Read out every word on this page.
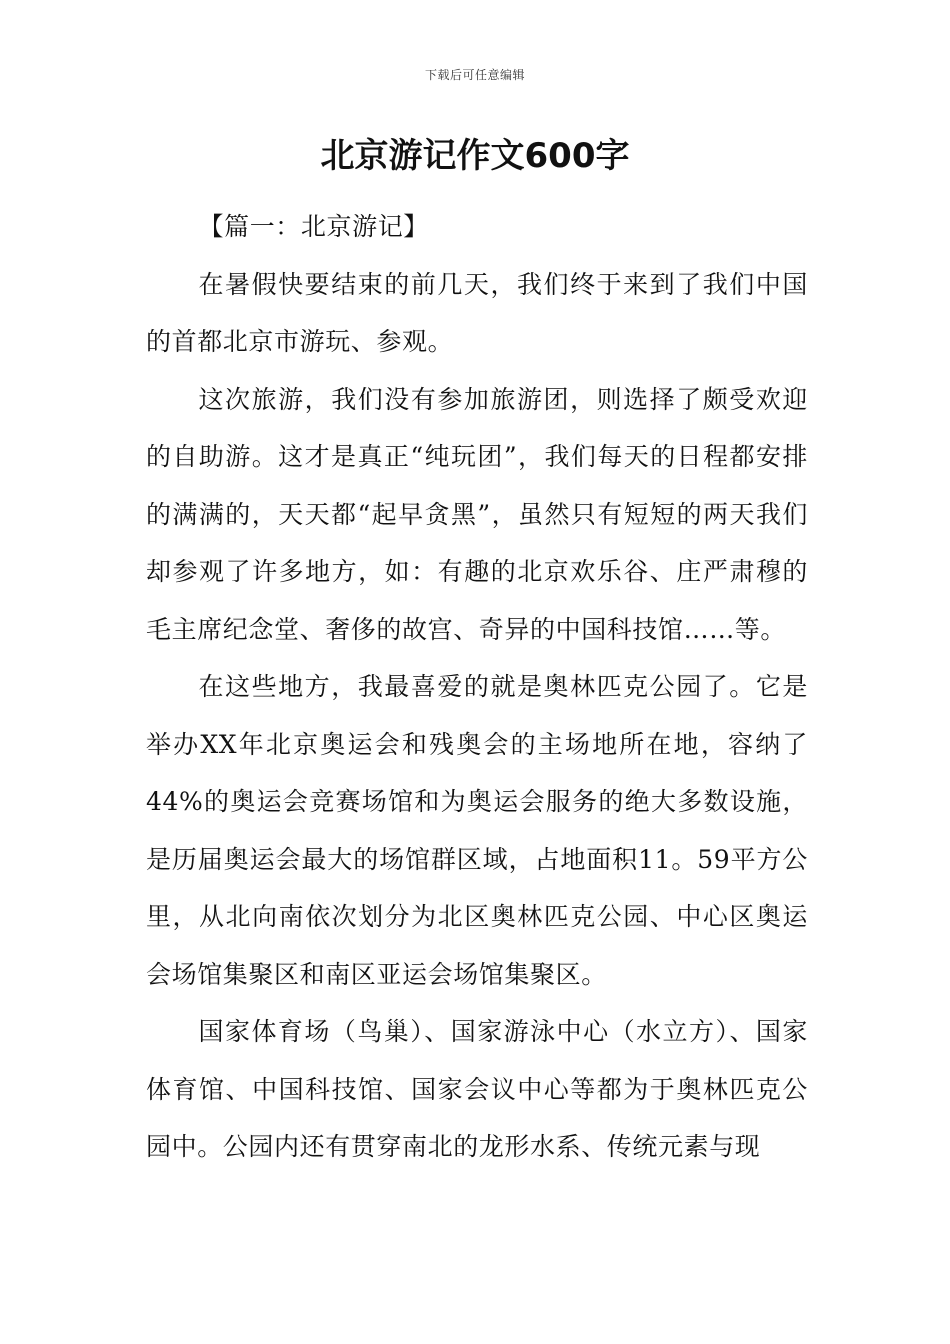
下载后可任意编辑
北京游记作文600字

【篇一：北京游记】

在暑假快要结束的前几天，我们终于来到了我们中国的首都北京市游玩、参观。

这次旅游，我们没有参加旅游团，则选择了颇受欢迎的自助游。这才是真正“纯玩团”，我们每天的日程都安排的满满的，天天都“起早贪黑”，虽然只有短短的两天我们却参观了许多地方，如：有趣的北京欢乐谷、庄严肃穆的毛主席纪念堂、奢侈的故宫、奇异的中国科技馆……等。

在这些地方，我最喜爱的就是奥林匹克公园了。它是举办XX年北京奥运会和残奥会的主场地所在地，容纳了44%的奥运会竞赛场馆和为奥运会服务的绝大多数设施，是历届奥运会最大的场馆群区域，占地面积11。59平方公里，从北向南依次划分为北区奥林匹克公园、中心区奥运会场馆集聚区和南区亚运会场馆集聚区。

国家体育场（鸟巢）、国家游泳中心（水立方）、国家体育馆、中国科技馆、国家会议中心等都为于奥林匹克公园中。公园内还有贯穿南北的龙形水系、传统元素与现
